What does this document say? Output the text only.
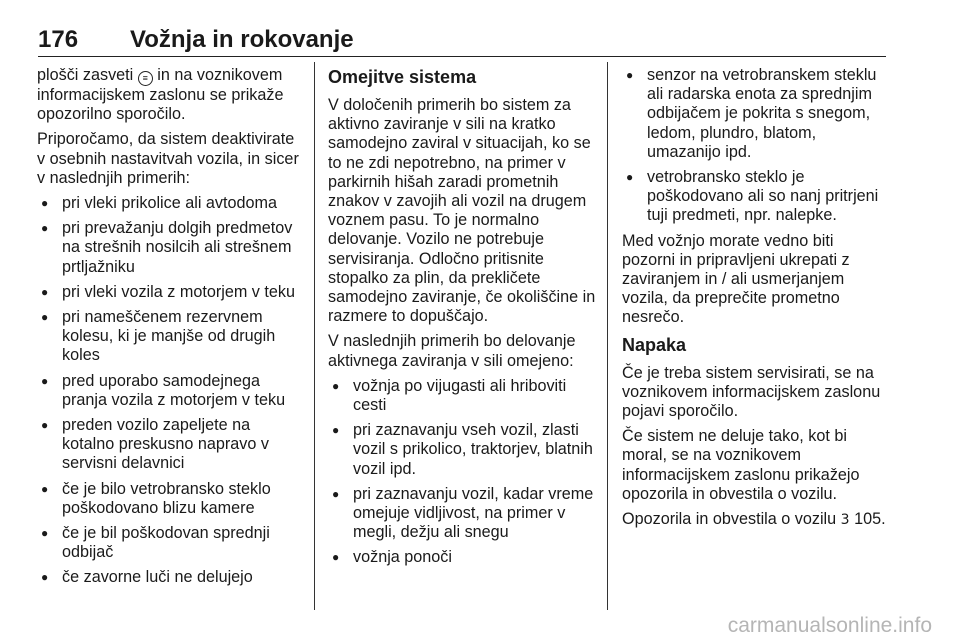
176 Vožnja in rokovanje

plošči zasveti ≡ in na voznikovem informacijskem zaslonu se prikaže opozorilno sporočilo.

Priporočamo, da sistem deaktivirate v osebnih nastavitvah vozila, in sicer v naslednjih primerih:

● pri vleki prikolice ali avtodoma
● pri prevažanju dolgih predmetov na strešnih nosilcih ali strešnem prtljažniku
● pri vleki vozila z motorjem v teku
● pri nameščenem rezervnem kolesu, ki je manjše od drugih koles
● pred uporabo samodejnega pranja vozila z motorjem v teku
● preden vozilo zapeljete na kotalno preskusno napravo v servisni delavnici
● če je bilo vetrobransko steklo poškodovano blizu kamere
● če je bil poškodovan sprednji odbijač
● če zavorne luči ne delujejo
Omejitve sistema

V določenih primerih bo sistem za aktivno zaviranje v sili na kratko samodejno zaviral v situacijah, ko se to ne zdi nepotrebno, na primer v parkirnih hišah zaradi prometnih znakov v zavojih ali vozil na drugem voznem pasu. To je normalno delovanje. Vozilo ne potrebuje servisiranja. Odločno pritisnite stopalko za plin, da prekličete samodejno zaviranje, če okoliščine in razmere to dopuščajo.

V naslednjih primerih bo delovanje aktivnega zaviranja v sili omejeno:

● vožnja po vijugasti ali hriboviti cesti
● pri zaznavanju vseh vozil, zlasti vozil s prikolico, traktorjev, blatnih vozil ipd.
● pri zaznavanju vozil, kadar vreme omejuje vidljivost, na primer v megli, dežju ali snegu
● vožnja ponoči
● senzor na vetrobranskem steklu ali radarska enota za sprednjim odbijačem je pokrita s snegom, ledom, plundro, blatom, umazanijo ipd.
● vetrobransko steklo je poškodovano ali so nanj pritrjeni tuji predmeti, npr. nalepke.

Med vožnjo morate vedno biti pozorni in pripravljeni ukrepati z zaviranjem in / ali usmerjanjem vozila, da preprečite prometno nesrečo.

Napaka

Če je treba sistem servisirati, se na voznikovem informacijskem zaslonu pojavi sporočilo.

Če sistem ne deluje tako, kot bi moral, se na voznikovem informacijskem zaslonu prikažejo opozorila in obvestila o vozilu.

Opozorila in obvestila o vozilu 3 105.

carmanualsonline.info
